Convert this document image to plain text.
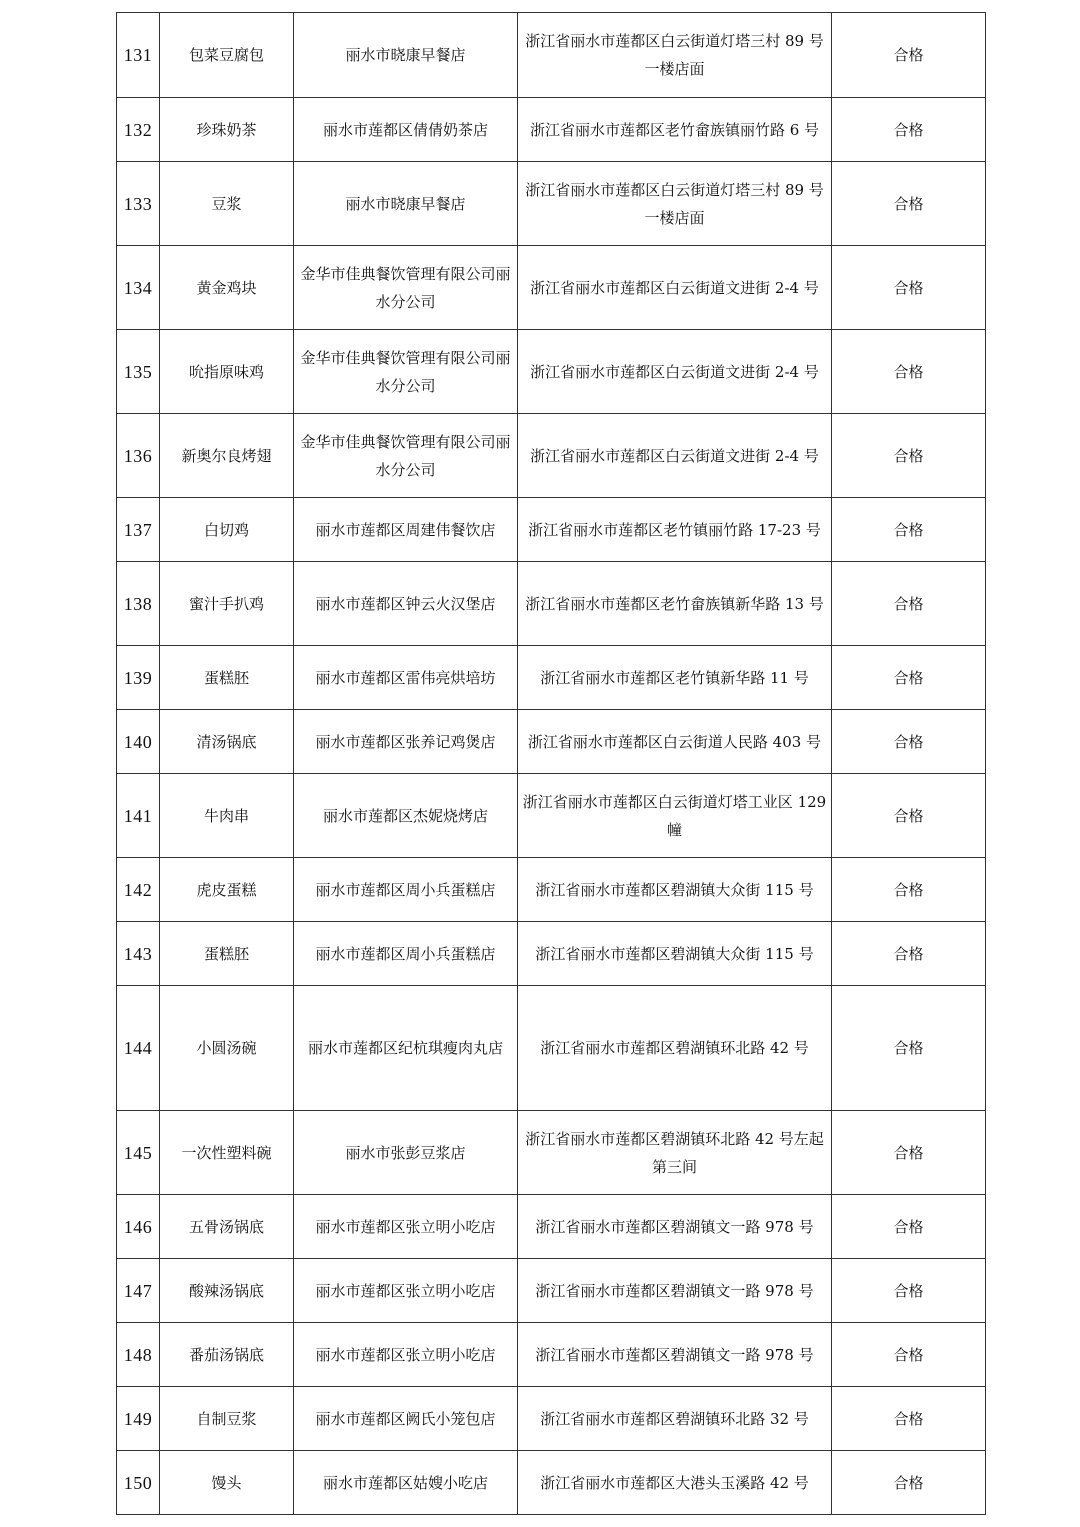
131	包菜豆腐包	丽水市晓康早餐店	浙江省丽水市莲都区白云街道灯塔三村 89 号一楼店面	合格
132	珍珠奶茶	丽水市莲都区倩倩奶茶店	浙江省丽水市莲都区老竹畲族镇丽竹路 6 号	合格
133	豆浆	丽水市晓康早餐店	浙江省丽水市莲都区白云街道灯塔三村 89 号一楼店面	合格
134	黄金鸡块	金华市佳典餐饮管理有限公司丽水分公司	浙江省丽水市莲都区白云街道文进街 2-4 号	合格
135	吮指原味鸡	金华市佳典餐饮管理有限公司丽水分公司	浙江省丽水市莲都区白云街道文进街 2-4 号	合格
136	新奥尔良烤翅	金华市佳典餐饮管理有限公司丽水分公司	浙江省丽水市莲都区白云街道文进街 2-4 号	合格
137	白切鸡	丽水市莲都区周建伟餐饮店	浙江省丽水市莲都区老竹镇丽竹路 17-23 号	合格
138	蜜汁手扒鸡	丽水市莲都区钟云火汉堡店	浙江省丽水市莲都区老竹畲族镇新华路 13 号	合格
139	蛋糕胚	丽水市莲都区雷伟亮烘培坊	浙江省丽水市莲都区老竹镇新华路 11 号	合格
140	清汤锅底	丽水市莲都区张养记鸡煲店	浙江省丽水市莲都区白云街道人民路 403 号	合格
141	牛肉串	丽水市莲都区杰妮烧烤店	浙江省丽水市莲都区白云街道灯塔工业区 129 幢	合格
142	虎皮蛋糕	丽水市莲都区周小兵蛋糕店	浙江省丽水市莲都区碧湖镇大众街 115 号	合格
143	蛋糕胚	丽水市莲都区周小兵蛋糕店	浙江省丽水市莲都区碧湖镇大众街 115 号	合格
144	小圆汤碗	丽水市莲都区纪杭琪瘦肉丸店	浙江省丽水市莲都区碧湖镇环北路 42 号	合格
145	一次性塑料碗	丽水市张彭豆浆店	浙江省丽水市莲都区碧湖镇环北路 42 号左起第三间	合格
146	五骨汤锅底	丽水市莲都区张立明小吃店	浙江省丽水市莲都区碧湖镇文一路 978 号	合格
147	酸辣汤锅底	丽水市莲都区张立明小吃店	浙江省丽水市莲都区碧湖镇文一路 978 号	合格
148	番茄汤锅底	丽水市莲都区张立明小吃店	浙江省丽水市莲都区碧湖镇文一路 978 号	合格
149	自制豆浆	丽水市莲都区阙氏小笼包店	浙江省丽水市莲都区碧湖镇环北路 32 号	合格
150	馒头	丽水市莲都区姑嫂小吃店	浙江省丽水市莲都区大港头玉溪路 42 号	合格
